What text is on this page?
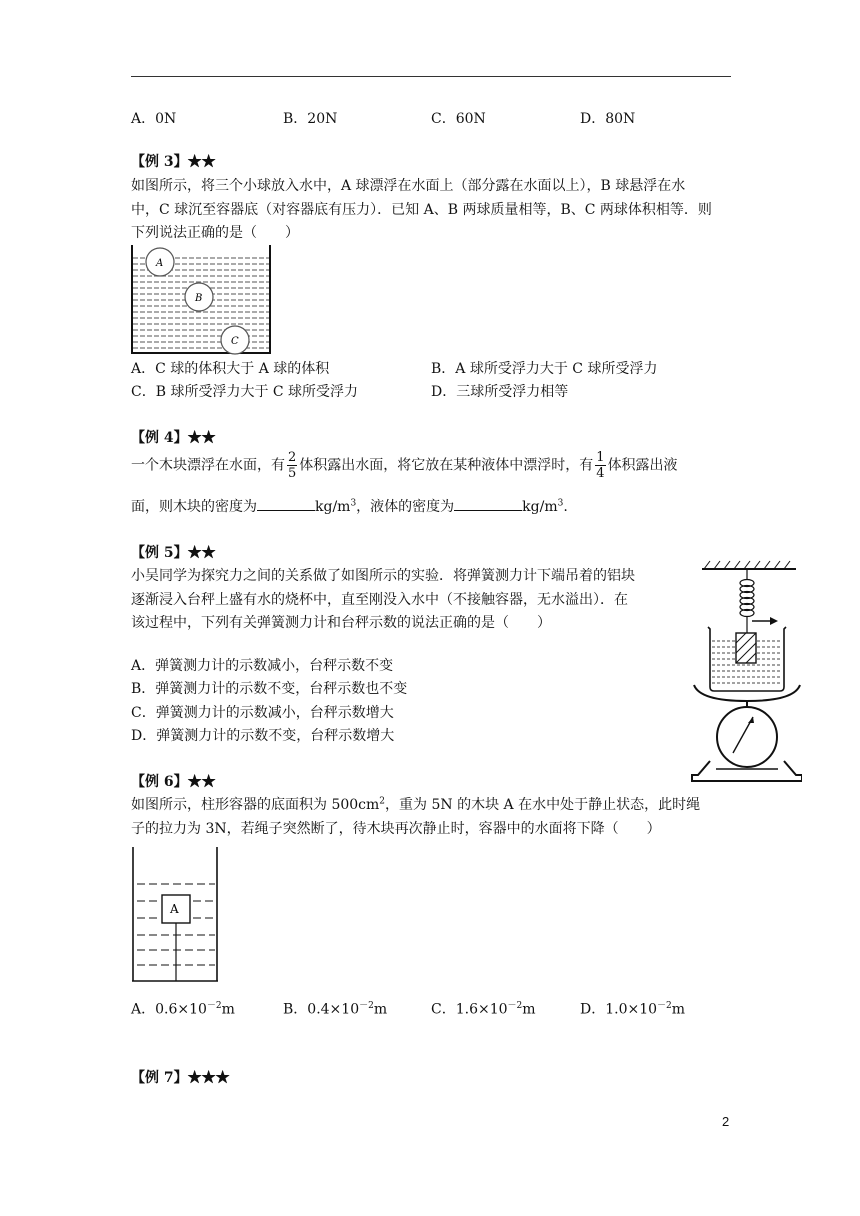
A．0N	B．20N	C．60N	D．80N
【例 3】★★
如图所示，将三个小球放入水中，A 球漂浮在水面上（部分露在水面以上），B 球悬浮在水
中，C 球沉至容器底（对容器底有压力）．已知 A、B 两球质量相等，B、C 两球体积相等．则
下列说法正确的是（　　）
A
B
C
A．C 球的体积大于 A 球的体积	B．A 球所受浮力大于 C 球所受浮力
C．B 球所受浮力大于 C 球所受浮力	D．三球所受浮力相等
【例 4】★★
一个木块漂浮在水面，有 $\frac{2}{5}$ 体积露出水面，将它放在某种液体中漂浮时，有 $\frac{1}{4}$ 体积露出液
面，则木块的密度为	$kg/m^3$，液体的密度为	$kg/m^3$.
【例 5】★★
小吴同学为探究力之间的关系做了如图所示的实验．将弹簧测力计下端吊着的铝块
逐渐浸入台秤上盛有水的烧杯中，直至刚没入水中（不接触容器，无水溢出）．在
该过程中，下列有关弹簧测力计和台秤示数的说法正确的是（　　）
A．弹簧测力计的示数减小，台秤示数不变
B．弹簧测力计的示数不变，台秤示数也不变
C．弹簧测力计的示数减小，台秤示数增大
D．弹簧测力计的示数不变，台秤示数增大
【例 6】★★
如图所示，柱形容器的底面积为 $500cm^2$，重为 5N 的木块 A 在水中处于静止状态，此时绳
子的拉力为 3N，若绳子突然断了，待木块再次静止时，容器中的水面将下降（　　）
A
A．$0.6\times 10^{-2}m$	B．$0.4\times 10^{-2}m$	C．$1.6\times 10^{-2}m$	D．$1.0\times 10^{-2}m$
【例 7】★★★
2
